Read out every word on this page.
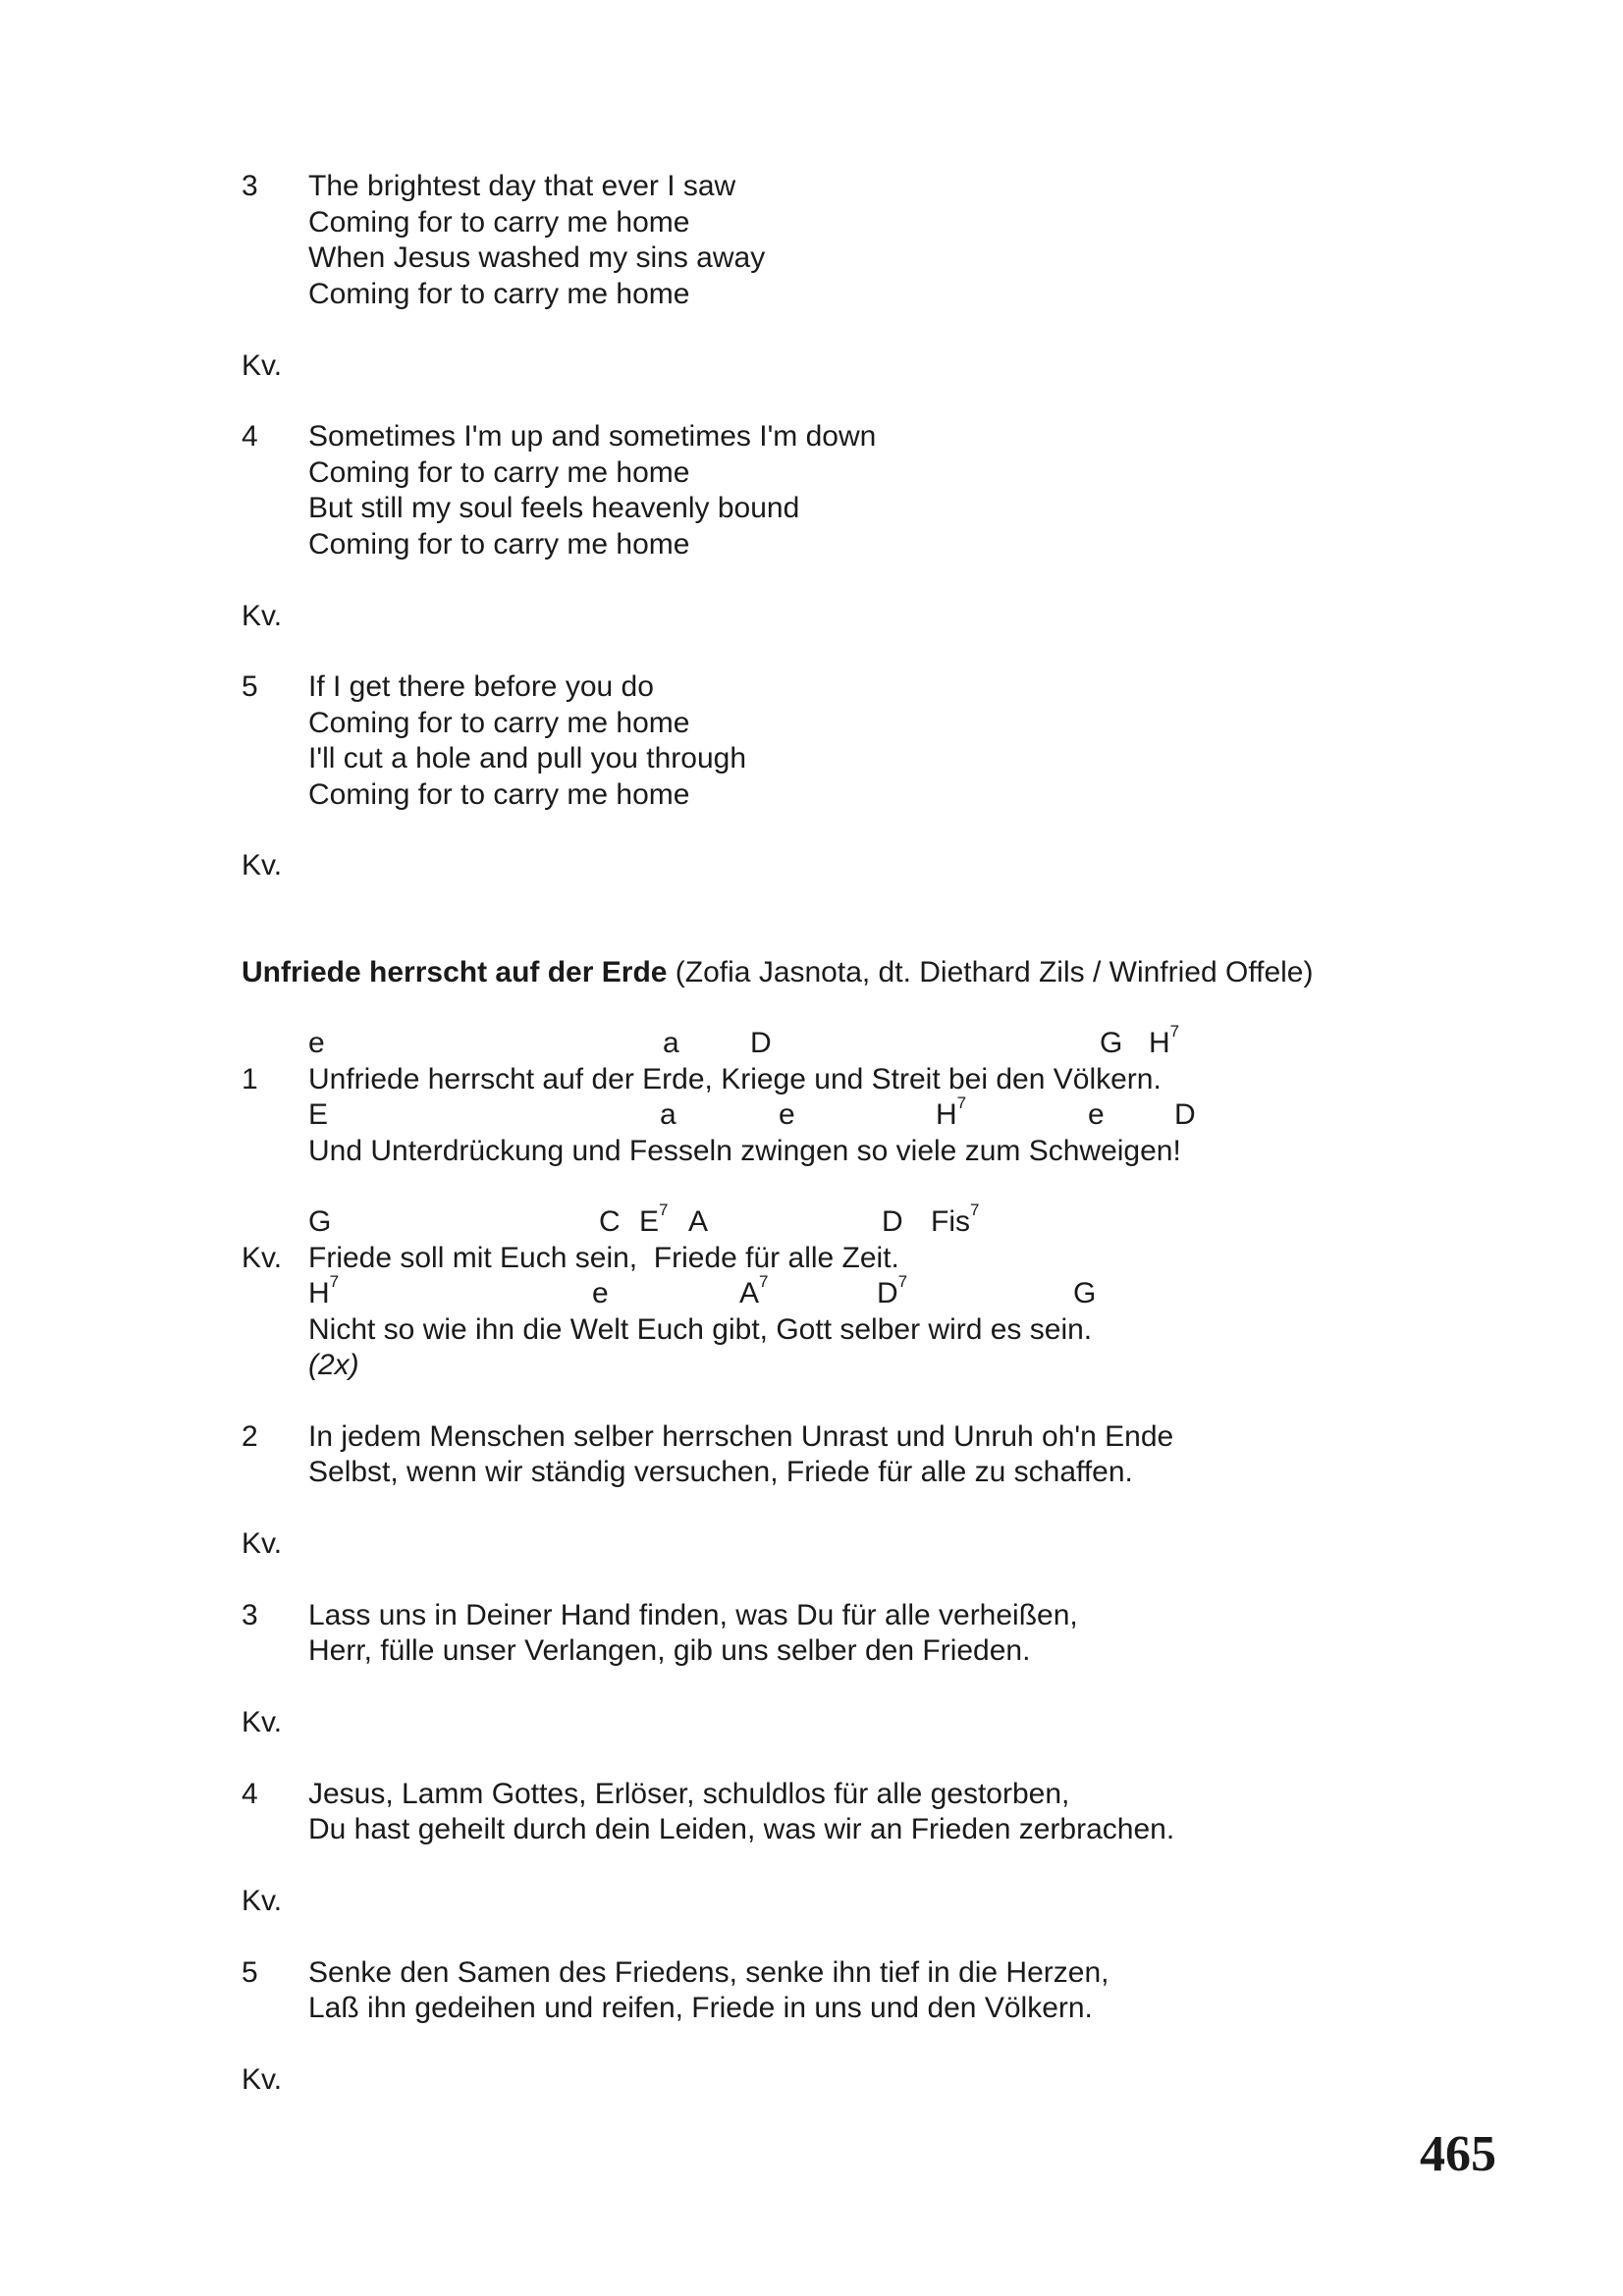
3 The brightest day that ever I saw
Coming for to carry me home
When Jesus washed my sins away
Coming for to carry me home
Kv.
4 Sometimes I'm up and sometimes I'm down
Coming for to carry me home
But still my soul feels heavenly bound
Coming for to carry me home
Kv.
5 If I get there before you do
Coming for to carry me home
I'll cut a hole and pull you through
Coming for to carry me home
Kv.
Unfriede herrscht auf der Erde (Zofia Jasnota, dt. Diethard Zils / Winfried Offele)
e	a D	G $H^7$
1 Unfriede herrscht auf der Erde, Kriege und Streit bei den Völkern.
E	a	e	$H^7$	e D
Und Unterdrückung und Fesseln zwingen so viele zum Schweigen!
G	C $E^7$ A	D Fis$^7$
Kv. Friede soll mit Euch sein,  Friede für alle Zeit.
$H^7$	e	$A^7$	$D^7$	G
Nicht so wie ihn die Welt Euch gibt, Gott selber wird es sein.
(2x)
2 In jedem Menschen selber herrschen Unrast und Unruh oh'n Ende
Selbst, wenn wir ständig versuchen, Friede für alle zu schaffen.
Kv.
3 Lass uns in Deiner Hand finden, was Du für alle verheißen,
Herr, fülle unser Verlangen, gib uns selber den Frieden.
Kv.
4 Jesus, Lamm Gottes, Erlöser, schuldlos für alle gestorben,
Du hast geheilt durch dein Leiden, was wir an Frieden zerbrachen.
Kv.
5 Senke den Samen des Friedens, senke ihn tief in die Herzen,
Laß ihn gedeihen und reifen, Friede in uns und den Völkern.
Kv.
465
